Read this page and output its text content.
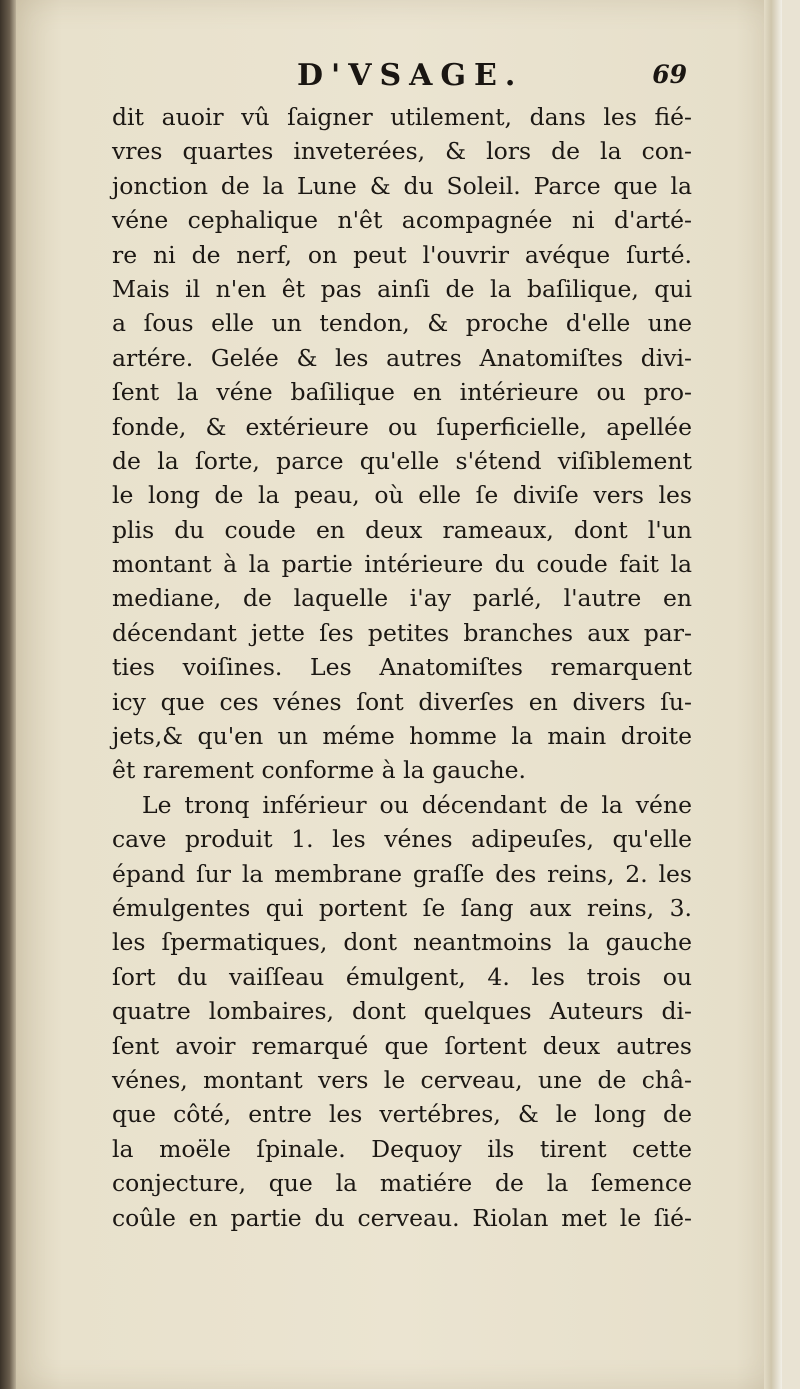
D'VSAGE.	69
dit auoir vû ſaigner utilement, dans les fié-
vres quartes inveterées, & lors de la con-
jonction de la Lune & du Soleil. Parce que la
véne cephalique n'êt acompagnée ni d'arté-
re ni de nerf, on peut l'ouvrir avéque ſurté.
Mais il n'en êt pas ainſi de la baſilique, qui
a ſous elle un tendon, & proche d'elle une
artére. Gelée & les autres Anatomiſtes divi-
ſent la véne baſilique en intérieure ou pro-
fonde, & extérieure ou ſuperficielle, apellée
de la ſorte, parce qu'elle s'étend viſiblement
le long de la peau, où elle ſe diviſe vers les
plis du coude en deux rameaux, dont l'un
montant à la partie intérieure du coude fait la
mediane, de laquelle i'ay parlé, l'autre en
décendant jette ſes petites branches aux par-
ties voiſines. Les Anatomiſtes remarquent
icy que ces vénes ſont diverſes en divers ſu-
jets,& qu'en un méme homme la main droite
êt rarement conforme à la gauche.
Le tronq inférieur ou décendant de la véne
cave produit 1. les vénes adipeuſes, qu'elle
épand ſur la membrane graſſe des reins, 2. les
émulgentes qui portent ſe ſang aux reins, 3.
les ſpermatiques, dont neantmoins la gauche
ſort du vaiſſeau émulgent, 4. les trois ou
quatre lombaires, dont quelques Auteurs di-
ſent avoir remarqué que ſortent deux autres
vénes, montant vers le cerveau, une de châ-
que côté, entre les vertébres, & le long de
la moële ſpinale. Dequoy ils tirent cette
conjecture, que la matiére de la ſemence
coûle en partie du cerveau. Riolan met le ſié-
